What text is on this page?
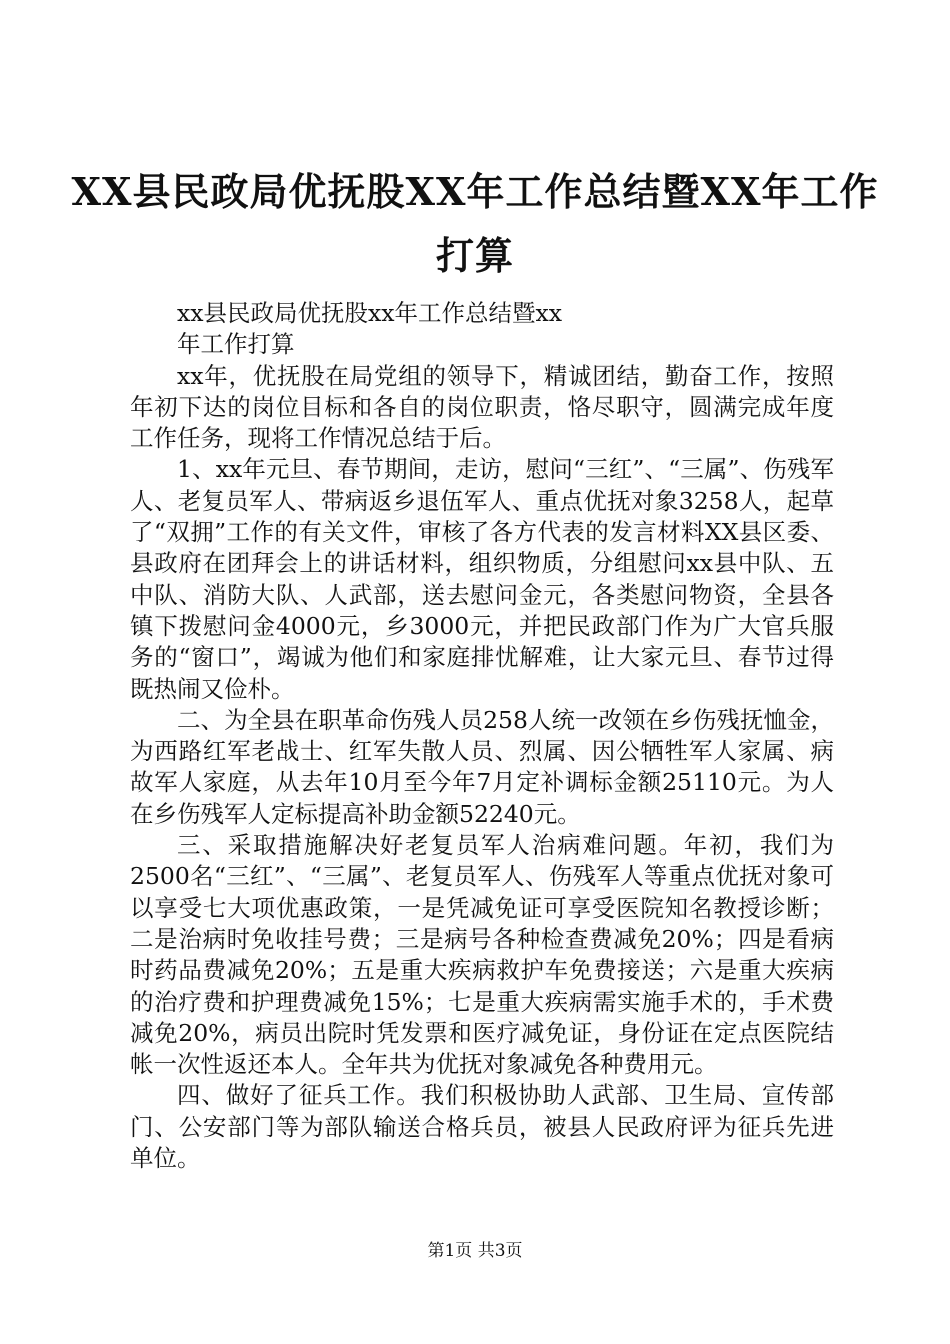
XX县民政局优抚股XX年工作总结暨XX年工作打算

xx县民政局优抚股xx年工作总结暨xx

年工作打算

xx年，优抚股在局党组的领导下，精诚团结，勤奋工作，按照年初下达的岗位目标和各自的岗位职责，恪尽职守，圆满完成年度工作任务，现将工作情况总结于后。

1、xx年元旦、春节期间，走访，慰问“三红”、“三属”、伤残军人、老复员军人、带病返乡退伍军人、重点优抚对象3258人，起草了“双拥”工作的有关文件，审核了各方代表的发言材料XX县区委、县政府在团拜会上的讲话材料，组织物质，分组慰问xx县中队、五中队、消防大队、人武部，送去慰问金元，各类慰问物资，全县各镇下拨慰问金4000元，乡3000元，并把民政部门作为广大官兵服务的“窗口”，竭诚为他们和家庭排忧解难，让大家元旦、春节过得既热闹又俭朴。

二、为全县在职革命伤残人员258人统一改领在乡伤残抚恤金，为西路红军老战士、红军失散人员、烈属、因公牺牲军人家属、病故军人家庭，从去年10月至今年7月定补调标金额25110元。为人在乡伤残军人定标提高补助金额52240元。

三、采取措施解决好老复员军人治病难问题。年初，我们为2500名“三红”、“三属”、老复员军人、伤残军人等重点优抚对象可以享受七大项优惠政策，一是凭减免证可享受医院知名教授诊断；二是治病时免收挂号费；三是病号各种检查费减免20%；四是看病时药品费减免20%；五是重大疾病救护车免费接送；六是重大疾病的治疗费和护理费减免15%；七是重大疾病需实施手术的，手术费减免20%，病员出院时凭发票和医疗减免证，身份证在定点医院结帐一次性返还本人。全年共为优抚对象减免各种费用元。

四、做好了征兵工作。我们积极协助人武部、卫生局、宣传部门、公安部门等为部队输送合格兵员，被县人民政府评为征兵先进单位。

第1页 共3页
